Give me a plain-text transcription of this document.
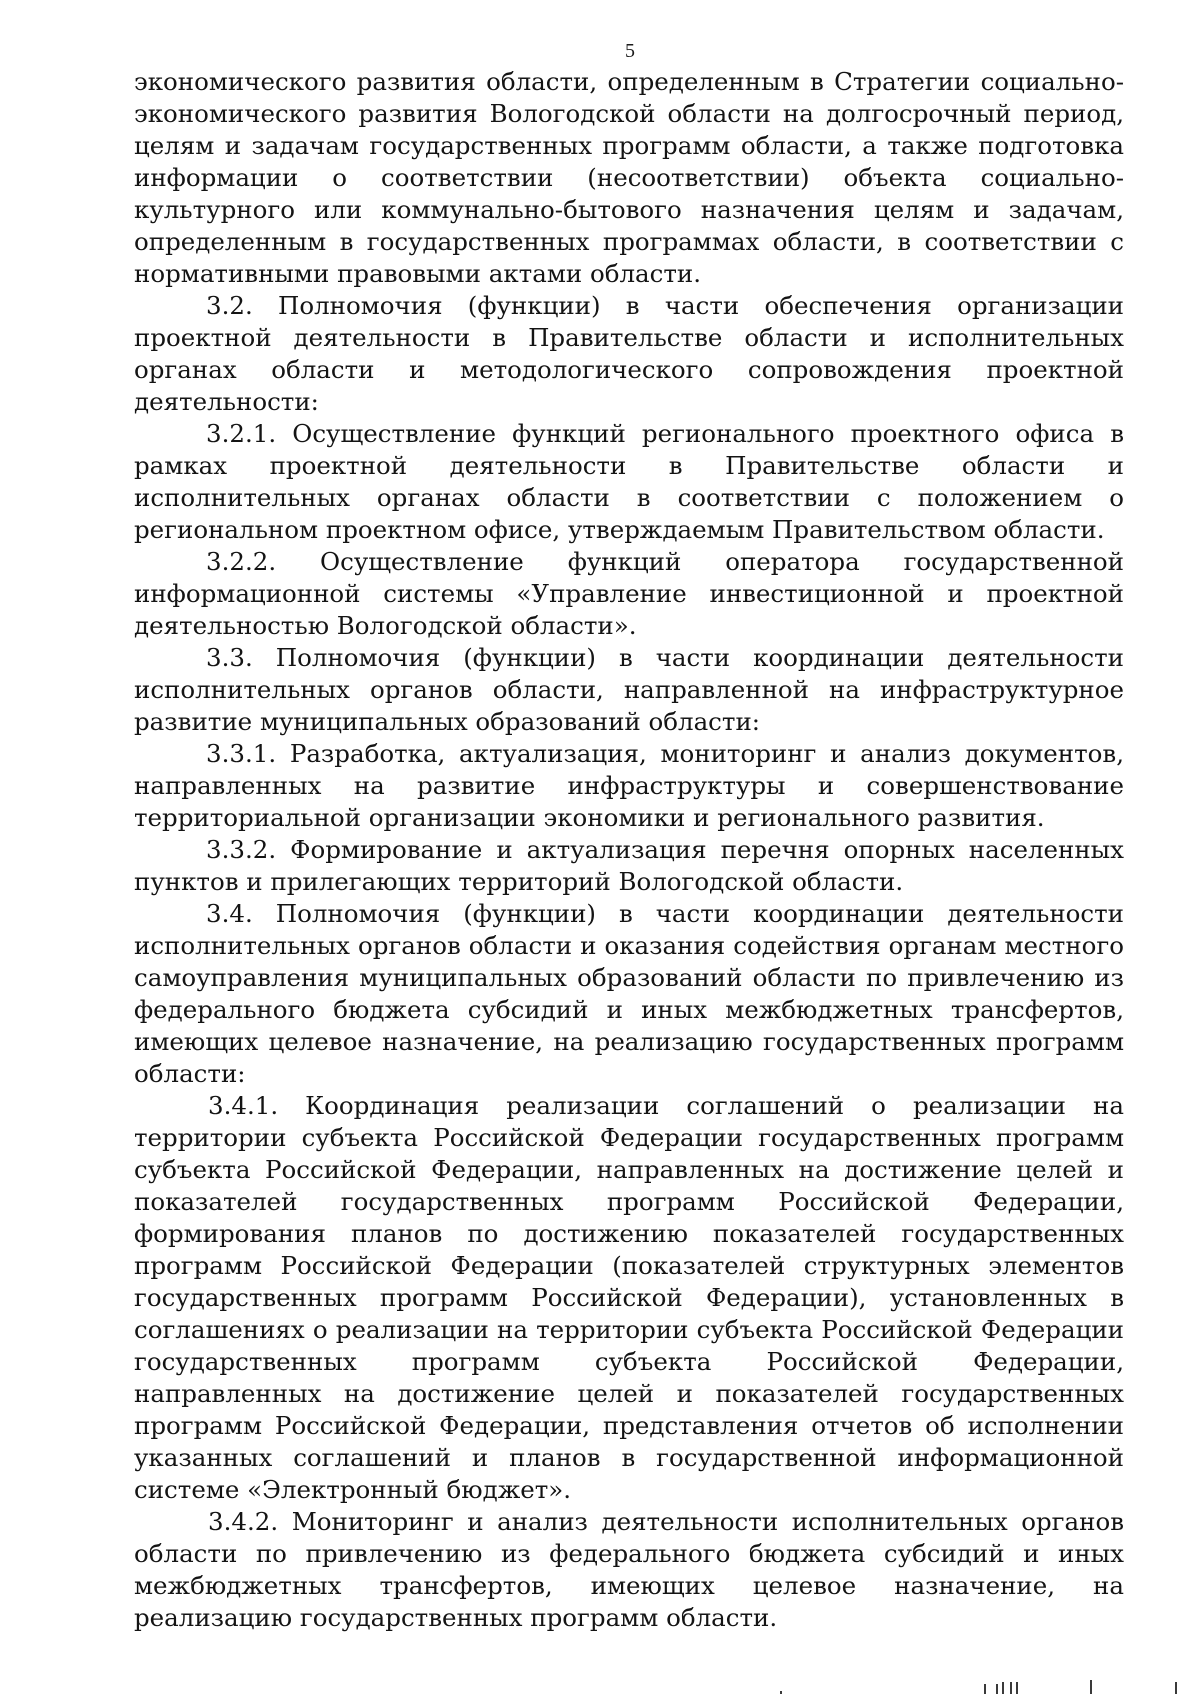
5

экономического развития области, определенным в Стратегии социально-экономического развития Вологодской области на долгосрочный период, целям и задачам государственных программ области, а также подготовка информации о соответствии (несоответствии) объекта социально-культурного или коммунально-бытового назначения целям и задачам, определенным в государственных программах области, в соответствии с нормативными правовыми актами области.

3.2. Полномочия (функции) в части обеспечения организации проектной деятельности в Правительстве области и исполнительных органах области и методологического сопровождения проектной деятельности:

3.2.1. Осуществление функций регионального проектного офиса в рамках проектной деятельности в Правительстве области и исполнительных органах области в соответствии с положением о региональном проектном офисе, утверждаемым Правительством области.

3.2.2. Осуществление функций оператора государственной информационной системы «Управление инвестиционной и проектной деятельностью Вологодской области».

3.3. Полномочия (функции) в части координации деятельности исполнительных органов области, направленной на инфраструктурное развитие муниципальных образований области:

3.3.1. Разработка, актуализация, мониторинг и анализ документов, направленных на развитие инфраструктуры и совершенствование территориальной организации экономики и регионального развития.

3.3.2. Формирование и актуализация перечня опорных населенных пунктов и прилегающих территорий Вологодской области.

3.4. Полномочия (функции) в части координации деятельности исполнительных органов области и оказания содействия органам местного самоуправления муниципальных образований области по привлечению из федерального бюджета субсидий и иных межбюджетных трансфертов, имеющих целевое назначение, на реализацию государственных программ области:

3.4.1. Координация реализации соглашений о реализации на территории субъекта Российской Федерации государственных программ субъекта Российской Федерации, направленных на достижение целей и показателей государственных программ Российской Федерации, формирования планов по достижению показателей государственных программ Российской Федерации (показателей структурных элементов государственных программ Российской Федерации), установленных в соглашениях о реализации на территории субъекта Российской Федерации государственных программ субъекта Российской Федерации, направленных на достижение целей и показателей государственных программ Российской Федерации, представления отчетов об исполнении указанных соглашений и планов в государственной информационной системе «Электронный бюджет».

3.4.2. Мониторинг и анализ деятельности исполнительных органов области по привлечению из федерального бюджета субсидий и иных межбюджетных трансфертов, имеющих целевое назначение, на реализацию государственных программ области.
